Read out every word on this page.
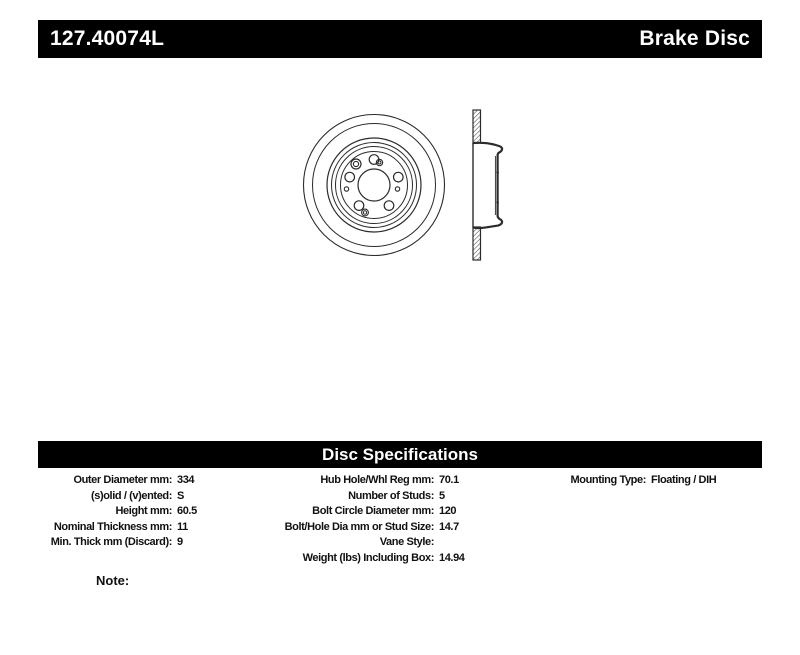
127.40074L	Brake Disc
Disc Specifications
Outer Diameter mm: 334
(s)olid / (v)ented: S
Height mm: 60.5
Nominal Thickness mm: 11
Min. Thick mm (Discard): 9
Hub Hole/Whl Reg mm: 70.1
Number of Studs: 5
Bolt Circle Diameter mm: 120
Bolt/Hole Dia mm or Stud Size: 14.7
Vane Style:
Weight (lbs) Including Box: 14.94
Mounting Type: Floating / DIH
Note:
